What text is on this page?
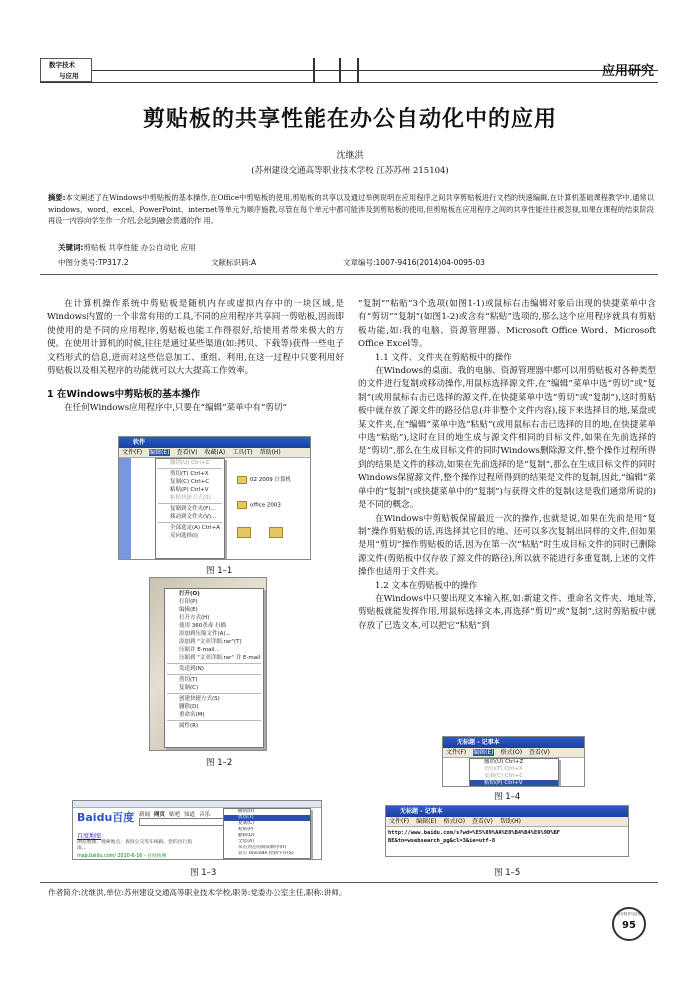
数字技术
与应用	应用研究
剪贴板的共享性能在办公自动化中的应用
沈继洪
(苏州建设交通高等职业技术学校 江苏苏州 215104)
摘要:本文阐述了在Windows中剪贴板的基本操作,在Office中剪贴板的使用,剪贴板的共享以及通过举例说明在应用程序之间共享剪贴板进行文档的快速编辑,在计算机基础课程教学中,通常以windows、word、excel、PowerPoint、internet等单元为顺序施教,尽管在每个单元中都可能涉及到剪贴板的使用,但剪贴板在应用程序之间的共享性能往往被忽视,如果在课程的结束阶段再设一内容向学生作一介绍,会起到融会贯通的作 用。
关键词:剪贴板 共享性能 办公自动化 应用
中图分类号:TP317.2	文献标识码:A	文章编号:1007-9416(2014)04-0095-03

在计算机操作系统中剪贴板是随机内存或虚拟内存中的一块区域,是Windows内置的一个非常有用的工具,不同的应用程序共享同一剪贴板,因而即使使用的是不同的应用程序,剪贴板也能工作得很好,给使用者带来极大的方便。在使用计算机的时候,往往是通过某些渠道(如:拷贝、下载等)获得一些电子文档形式的信息,进而对这些信息加工、重组、利用,在这一过程中只要利用好剪贴板以及相关程序的功能就可以大大提高工作效率。

1 在Windows中剪贴板的基本操作

在任何Windows应用程序中,只要在“编辑”菜单中有“剪切”

软件
文件(F) 编辑(E) 查看(V) 收藏(A) 工具(T) 帮助(H)
撤销(U) Ctrl+Z
剪切(T) Ctrl+X
复制(C) Ctrl+C
粘贴(P) Ctrl+V
粘贴快捷方式(S)
复制到文件夹(F)...
移动到文件夹(V)...
全部选定(A) Ctrl+A
反向选择(I)
02 2009 计算机
office 2003
图 1–1
打开(O)
打印(P)
编辑(E)
打开方式(H)
使用 360杀毒 扫描
添加到压缩文件(A)...
添加到 "文章详细.rar"(T)
压缩并 E-mail...
压缩到 "文章详细.rar" 并 E-mail
发送到(N)
剪切(T)
复制(C)
创建快捷方式(S)
删除(D)
重命名(M)
属性(R)
图 1–2
Baidu百度 新闻 网页 贴吧 知道 音乐
百度地图
浏览地图、搜索地点、查询公交驾车线路。您的出行指南...
map.baidu.com/ 2010-6-16 - 百度快照
撤销(U)
剪切(T)
复制(C)
粘贴(P)
删除(D)
全选(A)
从右到左的阅读顺序(R)
显示 Unicode 控制字符(S)
图 1–3

“复制”“粘贴”3个选项(如图1-1)或鼠标右击编辑对象后出现的快捷菜单中含有“剪切”“复制”(如图1-2)或含有“粘贴”选项的,那么这个应用程序就具有剪贴板功能,如:我的电脑、资源管理器、Microsoft Office Word、Microsoft Office Excel等。

1.1 文件、文件夹在剪贴板中的操作

在Windows的桌面、我的电脑、资源管理器中都可以用剪贴板对各种类型的文件进行复制或移动操作,用鼠标选择源文件,在“编辑”菜单中选“剪切”或“复制”(或用鼠标右击已选择的源文件,在快捷菜单中选“剪切”或“复制”),这时剪贴板中就存放了源文件的路径信息(并非整个文件内容),接下来选择目的地,某盘或某文件夹,在“编辑”菜单中选“粘贴”(或用鼠标右击已选择的目的地,在快捷菜单中选“粘贴”),这时在目的地生成与源文件相同的目标文件,如果在先前选择的是“剪切”,那么在生成目标文件的同时Windows删除源文件,整个操作过程所得到的结果是文件的移动,如果在先前选择的是“复制”,那么在生成目标文件的同时Windows保留源文件,整个操作过程所得到的结果是文件的复制,因此,“编辑”菜单中的“复制”(或快捷菜单中的“复制”)与获得文件的复制(这是我们通常所说的)是不同的概念。

在Windows中剪贴板保留最近一次的操作,也就是说,如果在先前是用“复制”操作剪贴板的话,再选择其它目的地、还可以多次复制出同样的文件,但如果是用“剪切”操作剪贴板的话,因为在第一次“粘贴”时生成目标文件的同时已删除源文件(剪贴板中仅存放了源文件的路径),所以就不能进行多重复制,上述的文件操作也适用于文件夹。

1.2 文本在剪贴板中的操作

在Windows中只要出现文本输入框,如:新建文件、重命名文件夹、地址等,剪贴板就能发挥作用,用鼠标选择文本,再选择“剪切”或“复制”,这时剪贴板中就存放了已选文本,可以把它“粘贴”到

无标题 - 记事本
文件(F) 编辑(E) 格式(O) 查看(V)
撤销(U) Ctrl+Z
剪切(T) Ctrl+X
复制(C) Ctrl+C
粘贴(P) Ctrl+V
图 1–4
无标题 - 记事本
文件(F) 编辑(E) 格式(O) 查看(V) 帮助(H)
http://www.baidu.com/s?wd=%E5%89%AA%E8%B4%B4%E6%9D%BF
BE&tn=wsebsearch_pg&cl=3&ie=utf-8
图 1–5
作者简介:沈继洪,单位:苏州建设交通高等职业技术学校,职务:党委办公室主任,职称:讲师。
数字技术与应用
95
